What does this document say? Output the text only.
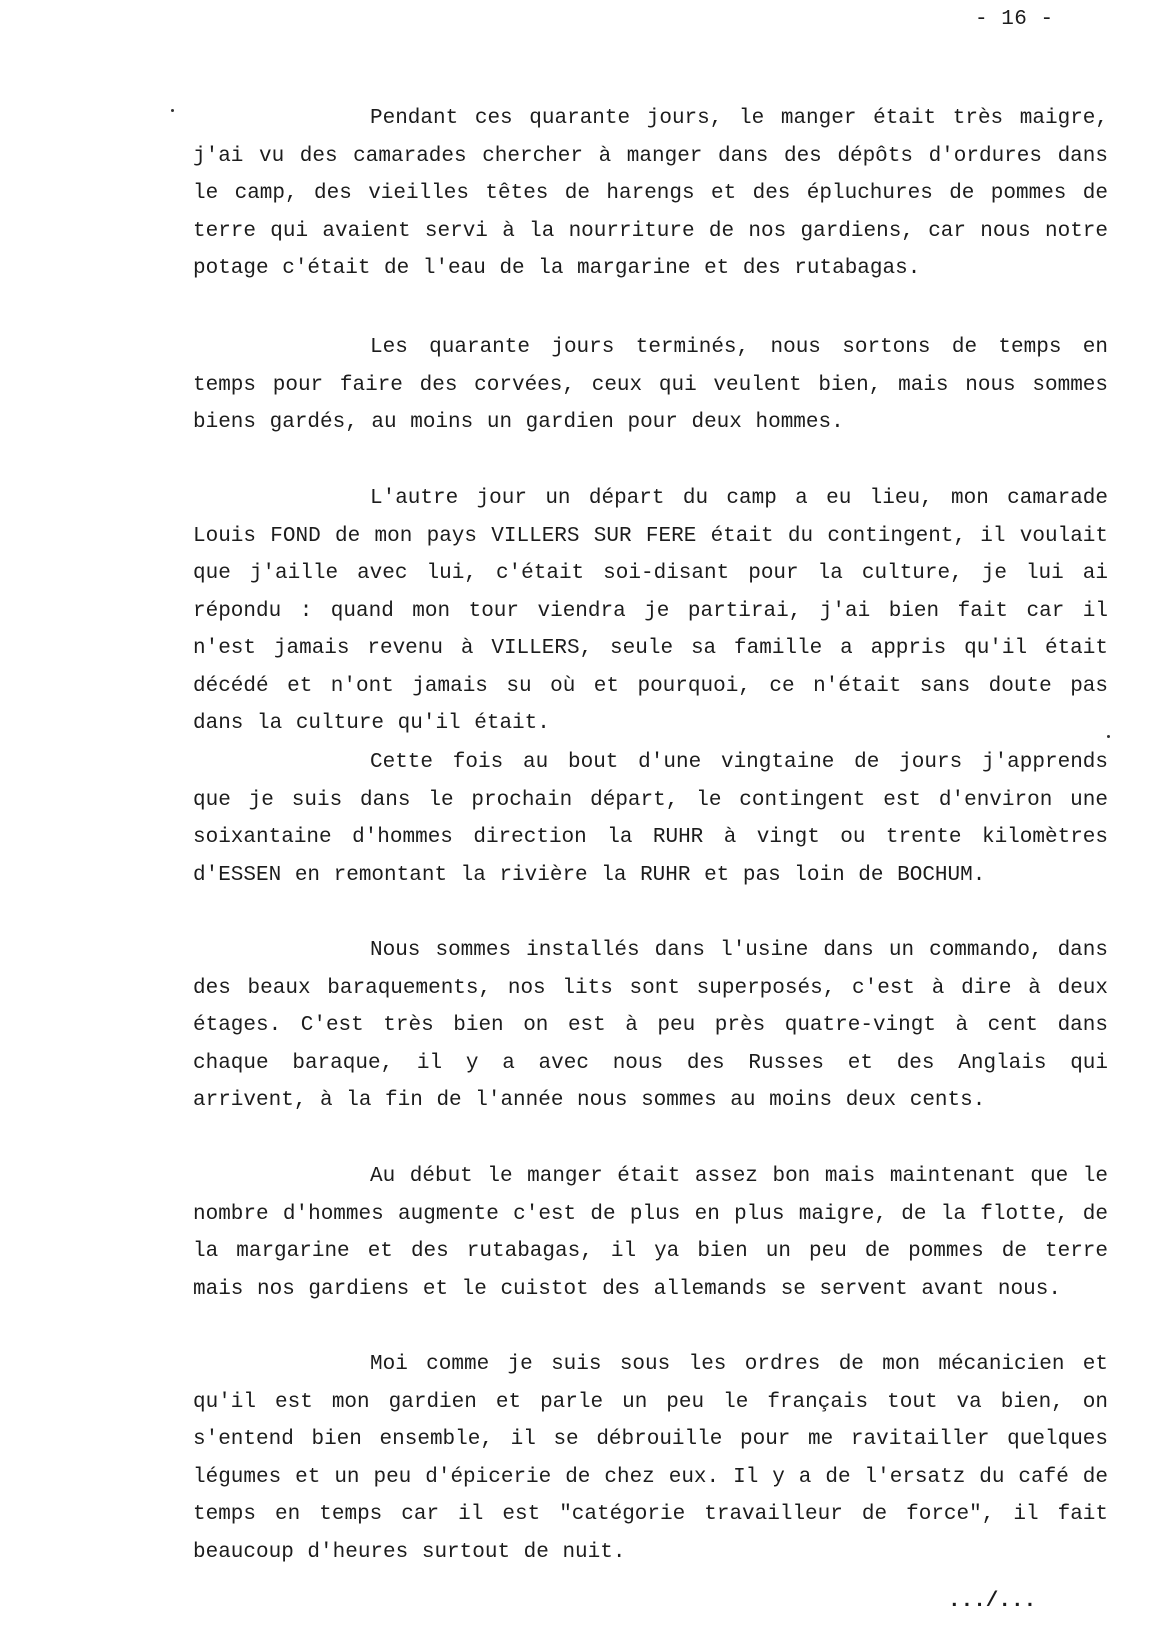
- 16 -

Pendant ces quarante jours, le manger était très maigre, j'ai vu des camarades chercher à manger dans des dépôts d'ordures dans le camp, des vieilles têtes de harengs et des épluchures de pommes de terre qui avaient servi à la nourriture de nos gardiens, car nous notre potage c'était de l'eau de la margarine et des rutabagas.

Les quarante jours terminés, nous sortons de temps en temps pour faire des corvées, ceux qui veulent bien, mais nous sommes biens gardés, au moins un gardien pour deux hommes.

L'autre jour un départ du camp a eu lieu, mon camarade Louis FOND de mon pays VILLERS SUR FERE était du contingent, il voulait que j'aille avec lui, c'était soi-disant pour la culture, je lui ai répondu : quand mon tour viendra je partirai, j'ai bien fait car il n'est jamais revenu à VILLERS, seule sa famille a appris qu'il était décédé et n'ont jamais su où et pourquoi, ce n'était sans doute pas dans la culture qu'il était.

Cette fois au bout d'une vingtaine de jours j'apprends que je suis dans le prochain départ, le contingent est d'environ une soixantaine d'hommes direction la RUHR à vingt ou trente kilomètres d'ESSEN en remontant la rivière la RUHR et pas loin de BOCHUM.

Nous sommes installés dans l'usine dans un commando, dans des beaux baraquements, nos lits sont superposés, c'est à dire à deux étages. C'est très bien on est à peu près quatre-vingt à cent dans chaque baraque, il y a avec nous des Russes et des Anglais qui arrivent, à la fin de l'année nous sommes au moins deux cents.

Au début le manger était assez bon mais maintenant que le nombre d'hommes augmente c'est de plus en plus maigre, de la flotte, de la margarine et des rutabagas, il ya bien un peu de pommes de terre mais nos gardiens et le cuistot des allemands se servent avant nous.

Moi comme je suis sous les ordres de mon mécanicien et qu'il est mon gardien et parle un peu le français tout va bien, on s'entend bien ensemble, il se débrouille pour me ravitailler quelques légumes et un peu d'épicerie de chez eux. Il y a de l'ersatz du café de temps en temps car il est "catégorie travailleur de force", il fait beaucoup d'heures surtout de nuit.

.../...
